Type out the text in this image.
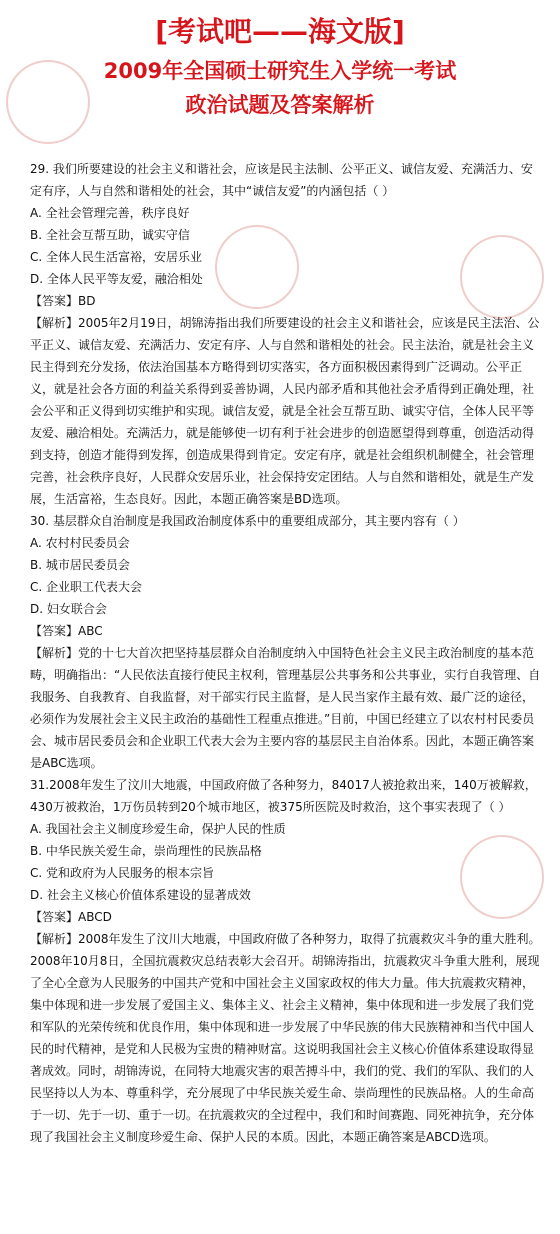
[考试吧——海文版]
2009年全国硕士研究生入学统一考试
政治试题及答案解析

29. 我们所要建设的社会主义和谐社会，应该是民主法制、公平正义、诚信友爱、充满活力、安定有序，人与自然和谐相处的社会，其中“诚信友爱”的内涵包括（ ）

A. 全社会管理完善，秩序良好

B. 全社会互帮互助，诚实守信

C. 全体人民生活富裕，安居乐业

D. 全体人民平等友爱，融洽相处

【答案】BD

【解析】2005年2月19日，胡锦涛指出我们所要建设的社会主义和谐社会，应该是民主法治、公平正义、诚信友爱、充满活力、安定有序、人与自然和谐相处的社会。民主法治，就是社会主义民主得到充分发扬，依法治国基本方略得到切实落实，各方面积极因素得到广泛调动。公平正义，就是社会各方面的利益关系得到妥善协调，人民内部矛盾和其他社会矛盾得到正确处理，社会公平和正义得到切实维护和实现。诚信友爱，就是全社会互帮互助、诚实守信，全体人民平等友爱、融洽相处。充满活力，就是能够使一切有利于社会进步的创造愿望得到尊重，创造活动得到支持，创造才能得到发挥，创造成果得到肯定。安定有序，就是社会组织机制健全，社会管理完善，社会秩序良好，人民群众安居乐业，社会保持安定团结。人与自然和谐相处，就是生产发展，生活富裕，生态良好。因此，本题正确答案是BD选项。

30. 基层群众自治制度是我国政治制度体系中的重要组成部分，其主要内容有（ ）

A. 农村村民委员会

B. 城市居民委员会

C. 企业职工代表大会

D. 妇女联合会

【答案】ABC

【解析】党的十七大首次把坚持基层群众自治制度纳入中国特色社会主义民主政治制度的基本范畴，明确指出：“人民依法直接行使民主权利，管理基层公共事务和公共事业，实行自我管理、自我服务、自我教育、自我监督，对干部实行民主监督，是人民当家作主最有效、最广泛的途径，必须作为发展社会主义民主政治的基础性工程重点推进。”目前，中国已经建立了以农村村民委员会、城市居民委员会和企业职工代表大会为主要内容的基层民主自治体系。因此，本题正确答案是ABC选项。

31.2008年发生了汶川大地震，中国政府做了各种努力，84017人被抢救出来，140万被解救，430万被救治，1万伤员转到20个城市地区，被375所医院及时救治，这个事实表现了（ ）

A. 我国社会主义制度珍爱生命，保护人民的性质

B. 中华民族关爱生命，崇尚理性的民族品格

C. 党和政府为人民服务的根本宗旨

D. 社会主义核心价值体系建设的显著成效

【答案】ABCD

【解析】2008年发生了汶川大地震，中国政府做了各种努力，取得了抗震救灾斗争的重大胜利。2008年10月8日，全国抗震救灾总结表彰大会召开。胡锦涛指出，抗震救灾斗争重大胜利，展现了全心全意为人民服务的中国共产党和中国社会主义国家政权的伟大力量。伟大抗震救灾精神，集中体现和进一步发展了爱国主义、集体主义、社会主义精神，集中体现和进一步发展了我们党和军队的光荣传统和优良作用，集中体现和进一步发展了中华民族的伟大民族精神和当代中国人民的时代精神，是党和人民极为宝贵的精神财富。这说明我国社会主义核心价值体系建设取得显著成效。同时，胡锦涛说，在同特大地震灾害的艰苦搏斗中，我们的党、我们的军队、我们的人民坚持以人为本、尊重科学，充分展现了中华民族关爱生命、崇尚理性的民族品格。人的生命高于一切、先于一切、重于一切。在抗震救灾的全过程中，我们和时间赛跑、同死神抗争，充分体现了我国社会主义制度珍爱生命、保护人民的本质。因此，本题正确答案是ABCD选项。
